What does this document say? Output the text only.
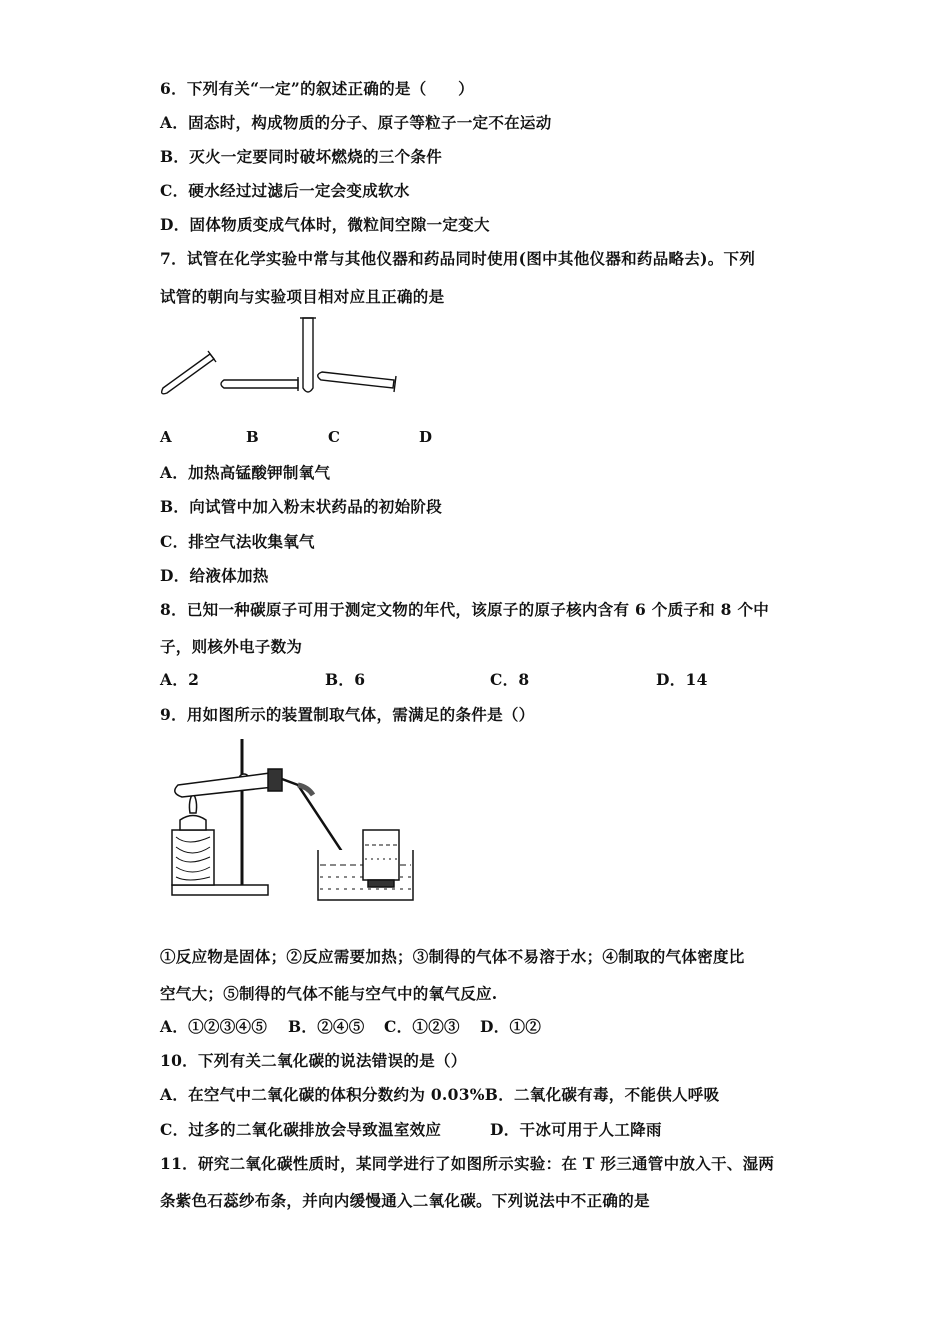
6．下列有关“一定”的叙述正确的是（　　）
A．固态时，构成物质的分子、原子等粒子一定不在运动
B．灭火一定要同时破坏燃烧的三个条件
C．硬水经过过滤后一定会变成软水
D．固体物质变成气体时，微粒间空隙一定变大
7．试管在化学实验中常与其他仪器和药品同时使用(图中其他仪器和药品略去)。下列
试管的朝向与实验项目相对应且正确的是
A	B	C	D
A．加热高锰酸钾制氧气
B．向试管中加入粉末状药品的初始阶段
C．排空气法收集氧气
D．给液体加热
8．已知一种碳原子可用于测定文物的年代，该原子的原子核内含有 6 个质子和 8 个中
子，则核外电子数为
A．2	B．6	C．8	D．14
9．用如图所示的装置制取气体，需满足的条件是（）
①反应物是固体；②反应需要加热；③制得的气体不易溶于水；④制取的气体密度比
空气大；⑤制得的气体不能与空气中的氧气反应.
A．①②③④⑤ B．②④⑤ C．①②③ D．①②
10．下列有关二氧化碳的说法错误的是（）
A．在空气中二氧化碳的体积分数约为 0.03%B．二氧化碳有毒，不能供人呼吸
C．过多的二氧化碳排放会导致温室效应	D．干冰可用于人工降雨
11．研究二氧化碳性质时，某同学进行了如图所示实验：在 T 形三通管中放入干、湿两
条紫色石蕊纱布条，并向内缓慢通入二氧化碳。下列说法中不正确的是
